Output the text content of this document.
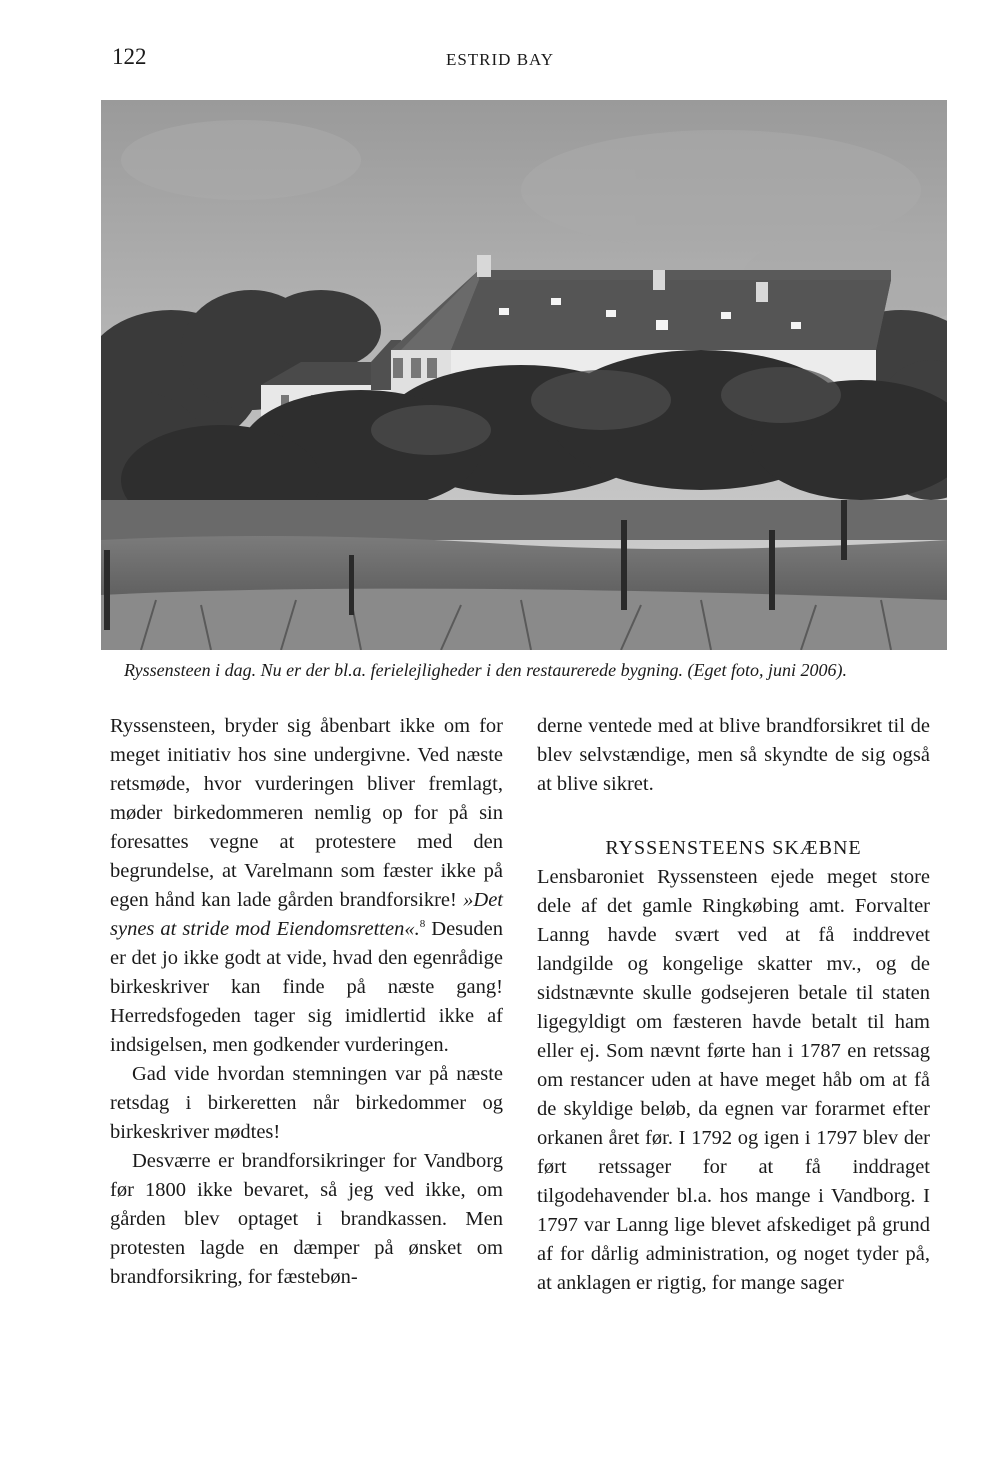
122	ESTRID BAY
Ryssensteen i dag. Nu er der bl.a. ferielejligheder i den restaurerede bygning. (Eget foto, juni 2006).

Ryssensteen, bryder sig åbenbart ikke om for meget initiativ hos sine undergivne. Ved næste retsmøde, hvor vurderingen bliver fremlagt, møder birkedommeren nemlig op for på sin foresattes vegne at protestere med den begrundelse, at Varelmann som fæster ikke på egen hånd kan lade gården brandforsikre! »Det synes at stride mod Eiendomsretten«.$^8$ Desuden er det jo ikke godt at vide, hvad den egenrådige birkeskriver kan finde på næste gang! Herredsfogeden tager sig imidlertid ikke af indsigelsen, men godkender vurderingen.

Gad vide hvordan stemningen var på næste retsdag i birkeretten når birkedommer og birkeskriver mødtes!

Desværre er brandforsikringer for Vandborg før 1800 ikke bevaret, så jeg ved ikke, om gården blev optaget i brandkassen. Men protesten lagde en dæmper på ønsket om brandforsikring, for fæstebøn-

derne ventede med at blive brandforsikret til de blev selvstændige, men så skyndte de sig også at blive sikret.

RYSSENSTEENS SKÆBNE

Lensbaroniet Ryssensteen ejede meget store dele af det gamle Ringkøbing amt. Forvalter Lanng havde svært ved at få inddrevet landgilde og kongelige skatter mv., og de sidstnævnte skulle godsejeren betale til staten ligegyldigt om fæsteren havde betalt til ham eller ej. Som nævnt førte han i 1787 en retssag om restancer uden at have meget håb om at få de skyldige beløb, da egnen var forarmet efter orkanen året før. I 1792 og igen i 1797 blev der ført retssager for at få inddraget tilgodehavender bl.a. hos mange i Vandborg. I 1797 var Lanng lige blevet afskediget på grund af for dårlig administration, og noget tyder på, at anklagen er rigtig, for mange sager
